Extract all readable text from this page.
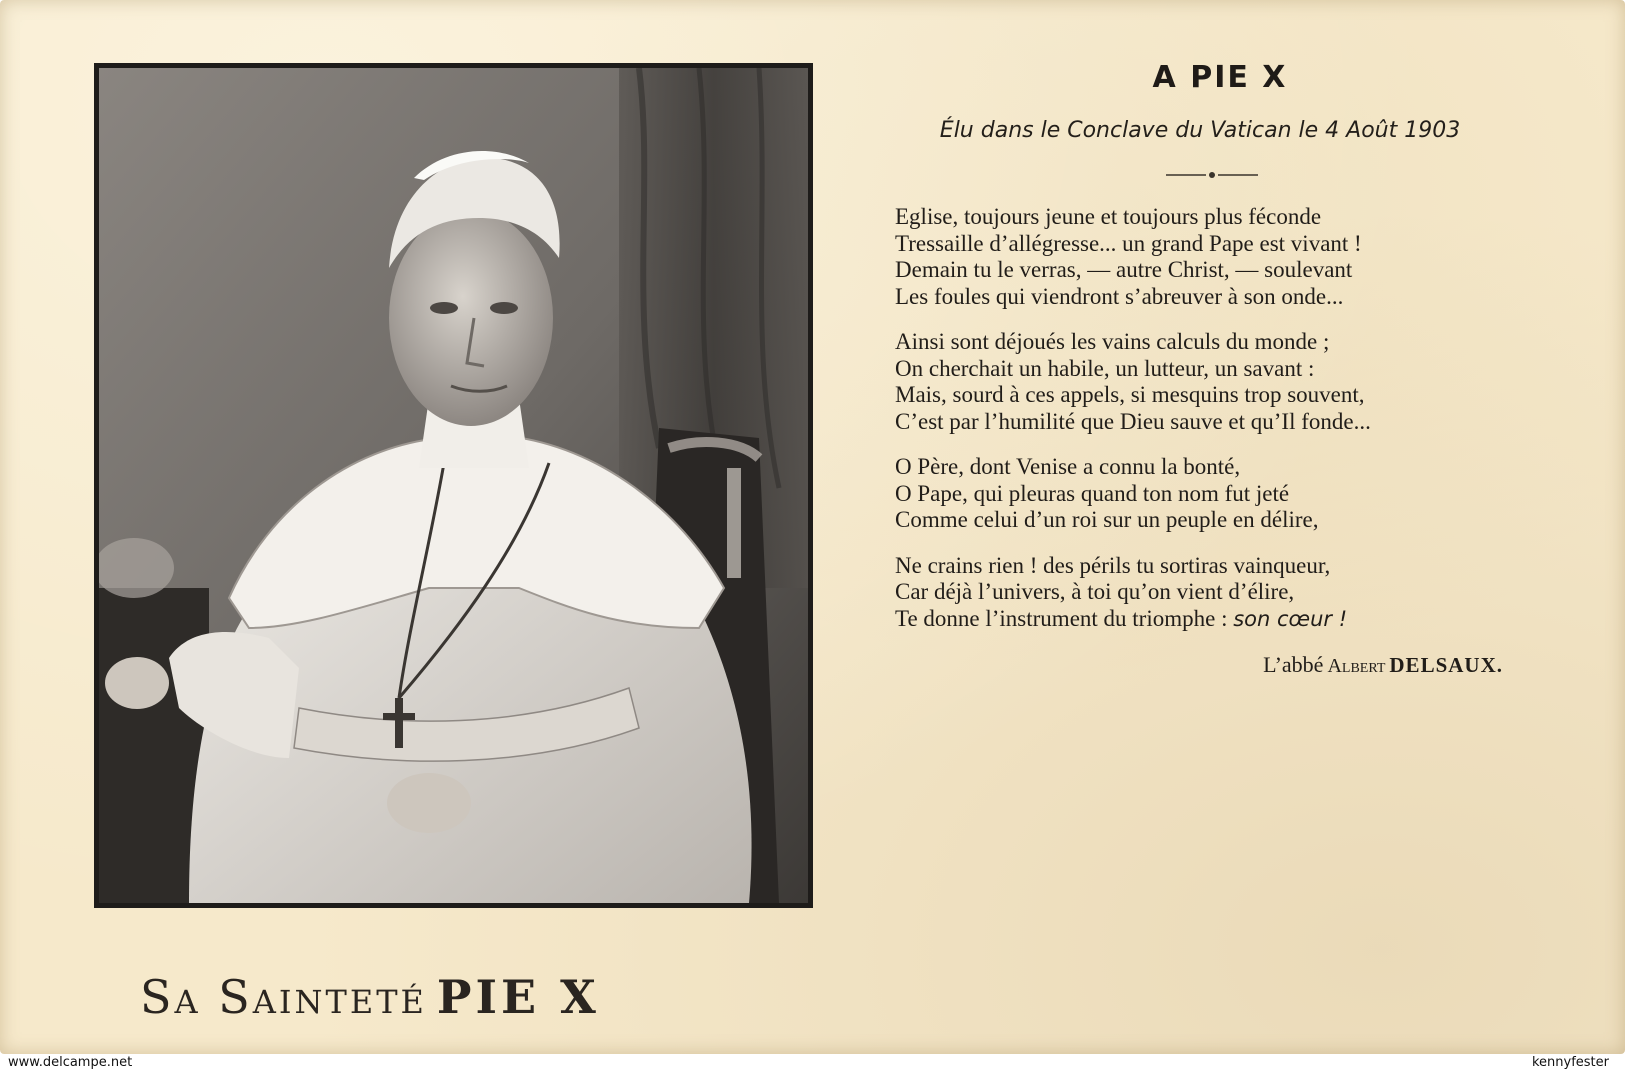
Sa Sainteté PIE X
A PIE X
Élu dans le Conclave du Vatican le 4 Août 1903
Eglise, toujours jeune et toujours plus féconde
Tressaille d’allégresse... un grand Pape est vivant !
Demain tu le verras, — autre Christ, — soulevant
Les foules qui viendront s’abreuver à son onde...
Ainsi sont déjoués les vains calculs du monde ;
On cherchait un habile, un lutteur, un savant :
Mais, sourd à ces appels, si mesquins trop souvent,
C’est par l’humilité que Dieu sauve et qu’Il fonde...
O Père, dont Venise a connu la bonté,
O Pape, qui pleuras quand ton nom fut jeté
Comme celui d’un roi sur un peuple en délire,
Ne crains rien ! des périls tu sortiras vainqueur,
Car déjà l’univers, à toi qu’on vient d’élire,
Te donne l’instrument du triomphe : son cœur !
L’abbé Albert DELSAUX.
www.delcampe.net	kennyfester
